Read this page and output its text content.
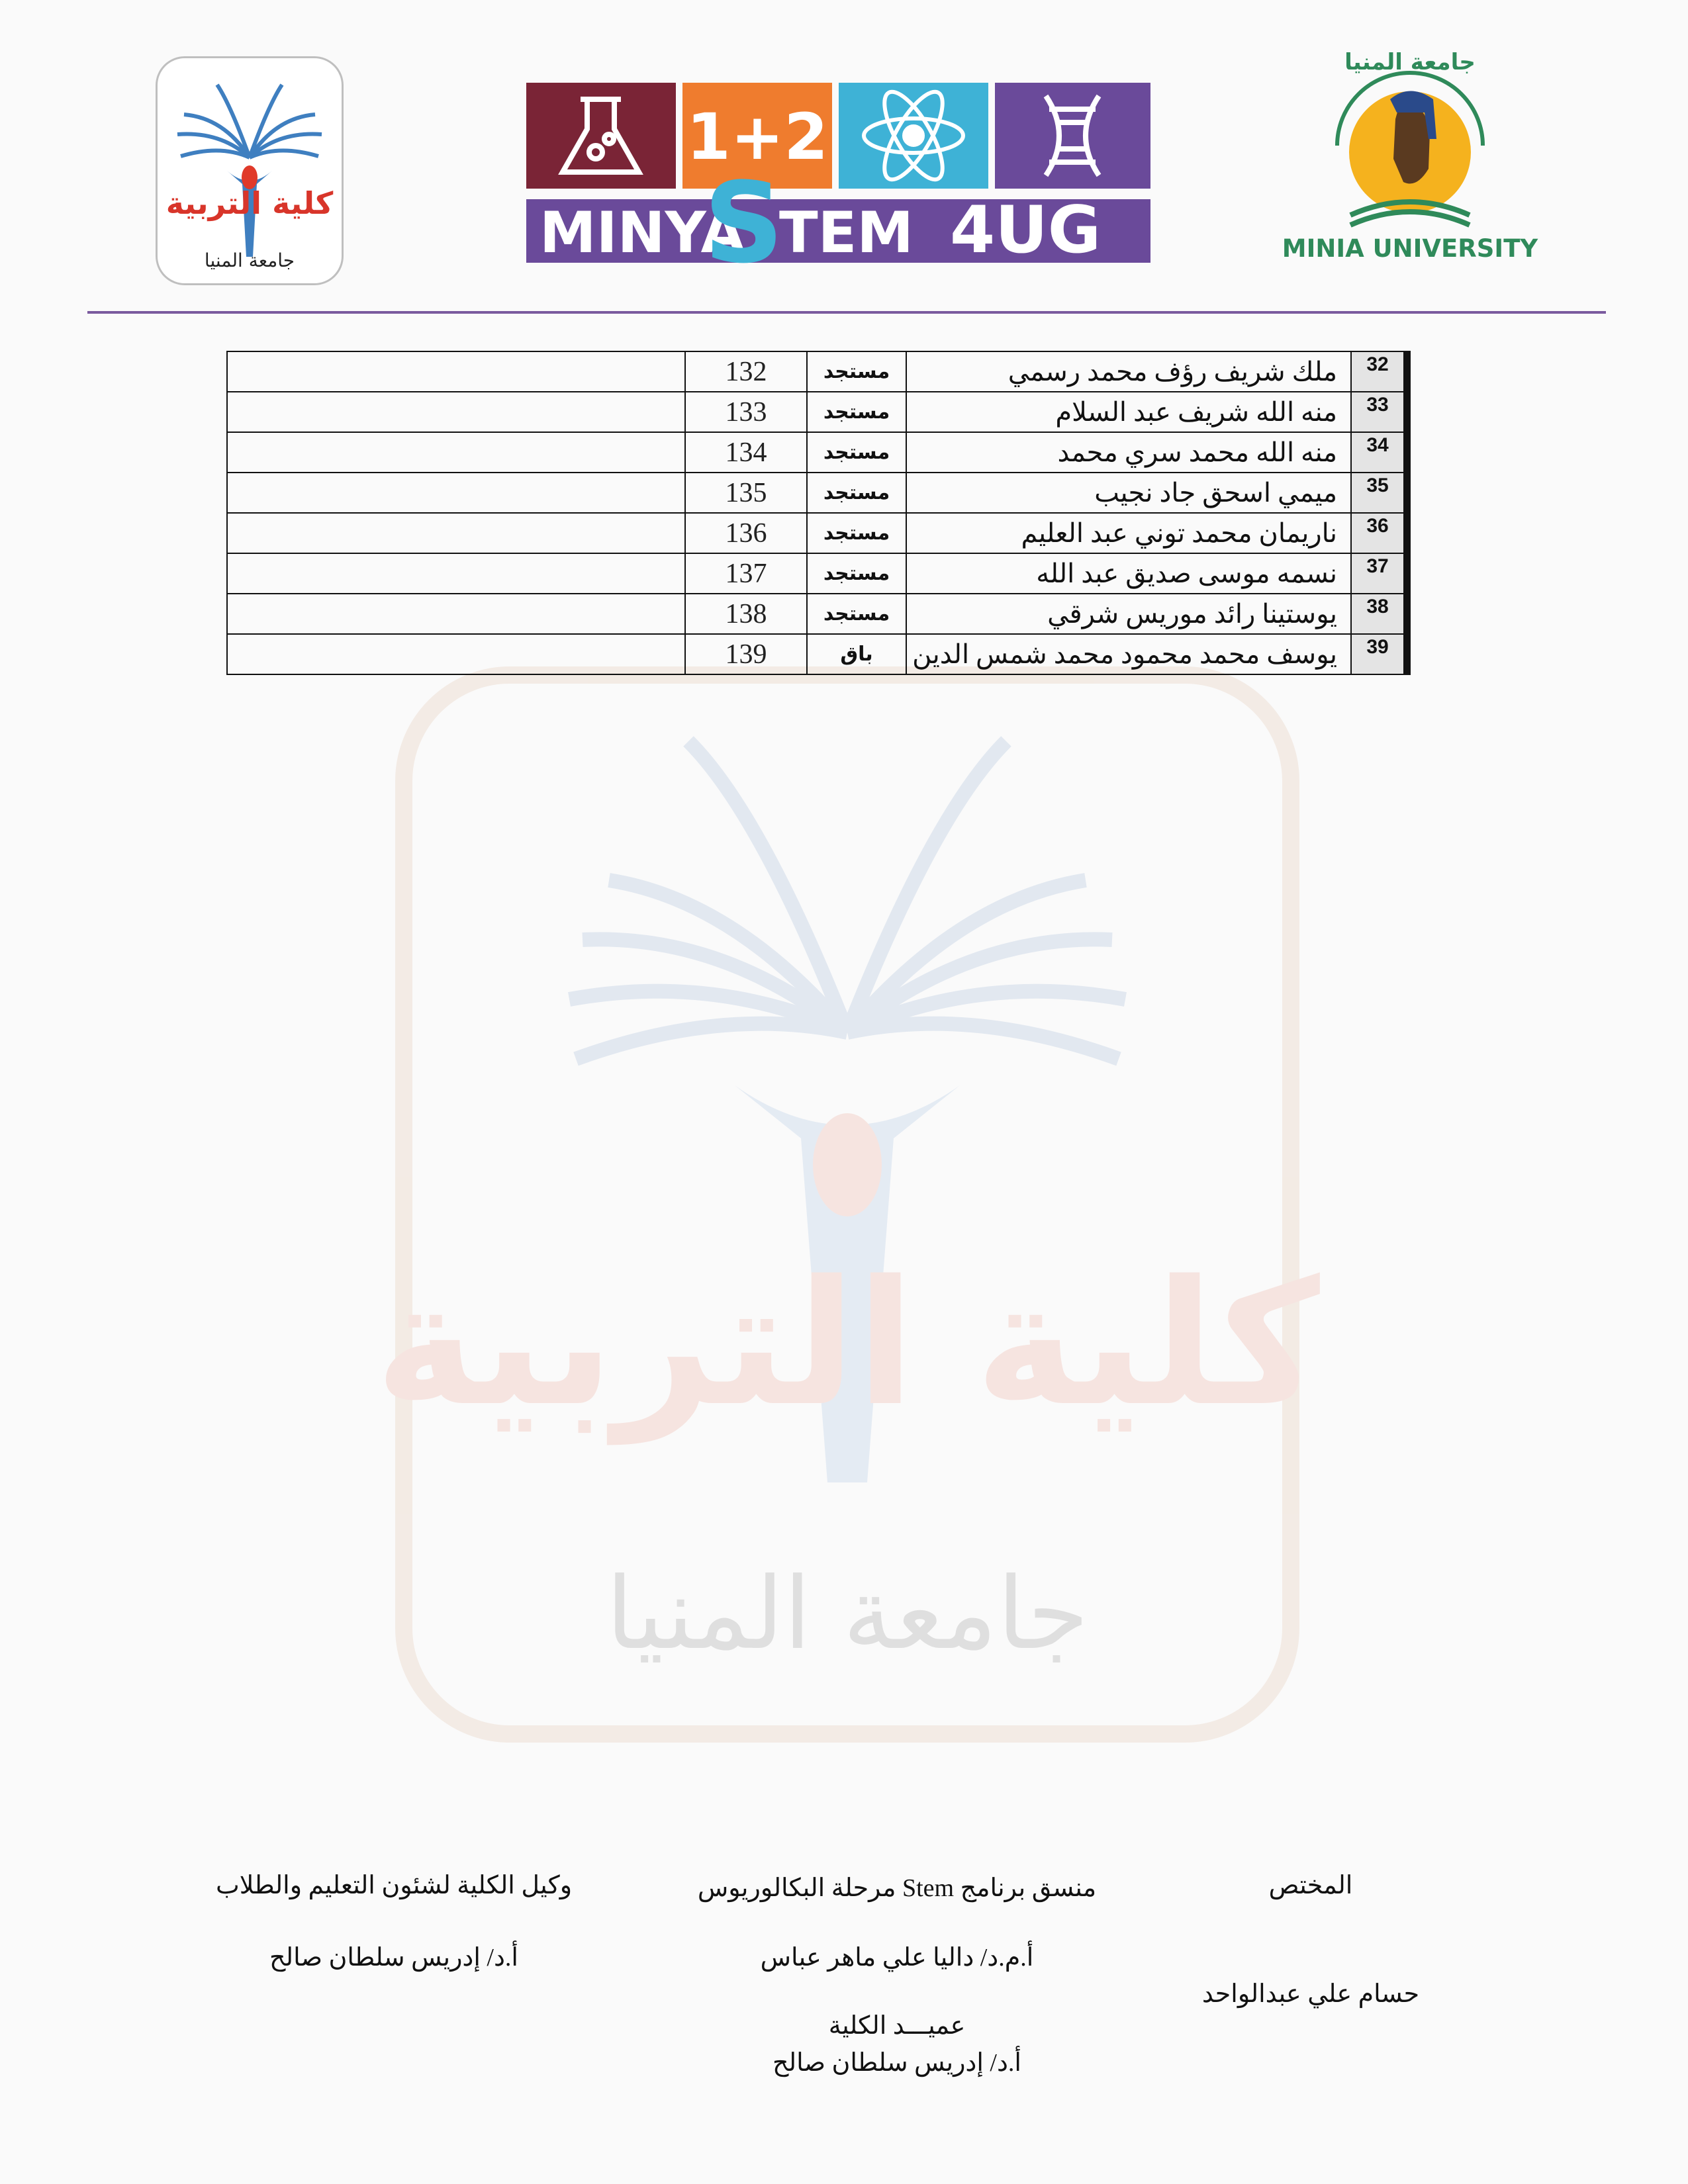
كلية التربية
جامعة المنيا
كلية التربية
جامعة المنيا
1+2
MINYA
S
TEM 4UG
جامعة المنيا
MINIA UNIVERSITY
	132	مستجد	ملك شريف رؤف محمد رسمي	32
	133	مستجد	منه الله شريف عبد السلام	33
	134	مستجد	منه الله محمد سري محمد	34
	135	مستجد	ميمي اسحق جاد نجيب	35
	136	مستجد	ناريمان محمد توني عبد العليم	36
	137	مستجد	نسمه موسى صديق عبد الله	37
	138	مستجد	يوستينا رائد موريس شرقي	38
	139	باق	يوسف محمد محمود محمد شمس الدين	39
المختص
حسام علي عبدالواحد
منسق برنامج Stem مرحلة البكالوريوس
أ.م.د/ داليا علي ماهر عباس
عميـــد الكلية
أ.د/ إدريس سلطان صالح
وكيل الكلية لشئون التعليم والطلاب
أ.د/ إدريس سلطان صالح
